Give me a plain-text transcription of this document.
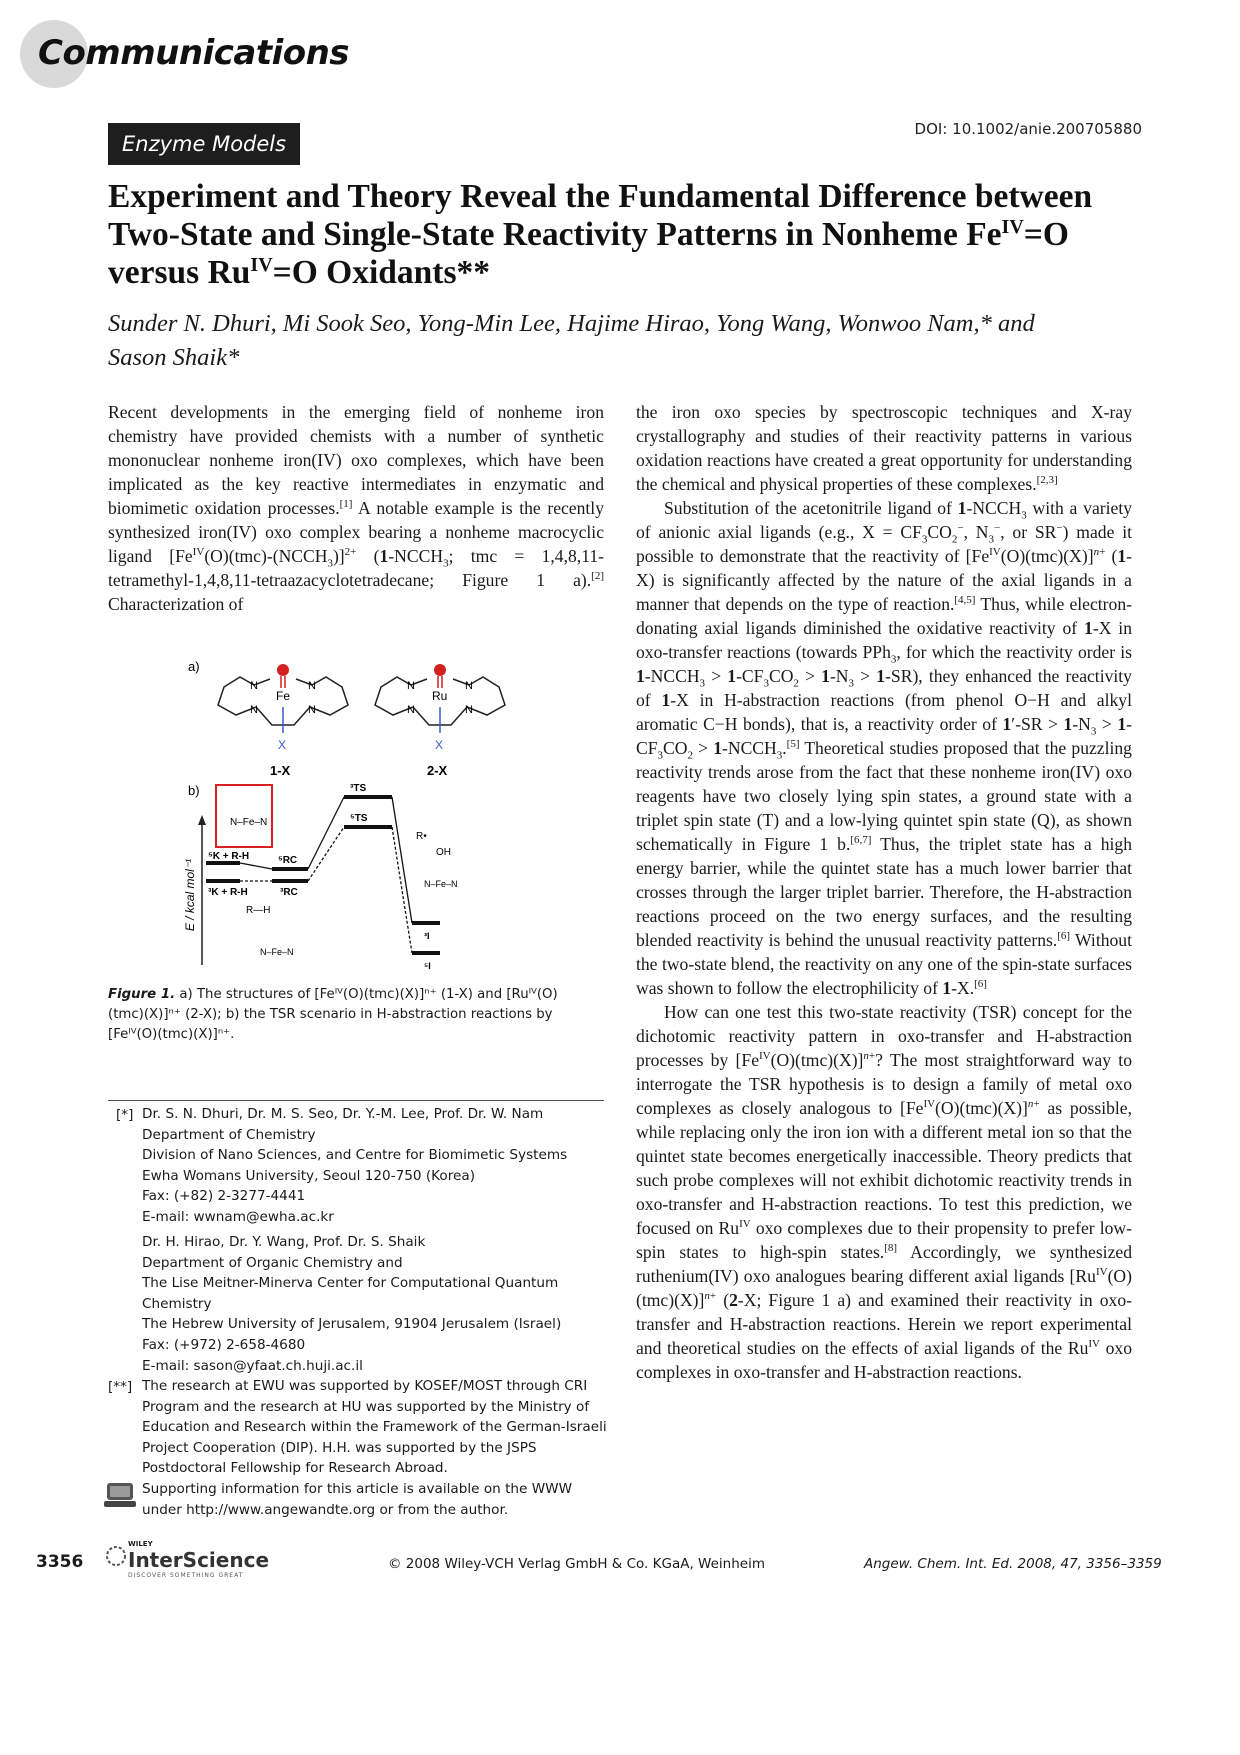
Communications
DOI: 10.1002/anie.200705880
Enzyme Models
Experiment and Theory Reveal the Fundamental Difference between
Two-State and Single-State Reactivity Patterns in Nonheme $Fe^{IV}=O$
versus $Ru^{IV}=O$ Oxidants**
Sunder N. Dhuri, Mi Sook Seo, Yong-Min Lee, Hajime Hirao, Yong Wang, Wonwoo Nam,* and
Sason Shaik*

Recent developments in the emerging field of nonheme iron chemistry have provided chemists with a number of synthetic mononuclear nonheme iron(IV) oxo complexes, which have been implicated as the key reactive intermediates in enzymatic and biomimetic oxidation processes.[1] A notable example is the recently synthesized iron(IV) oxo complex bearing a nonheme macrocyclic ligand $[Fe^{IV}(O)(tmc)-(NCCH_3)]^{2+}$ ($1-NCCH_3$; tmc = 1,4,8,11-tetramethyl-1,4,8,11-tetraazacyclotetradecane; Figure 1 a).[2] Characterization of

a)
Fe
N	N
N	N
X
1-X
Ru
N	N
N	N
X
2-X
b)
N–Fe–N
E / kcal mol⁻¹
⁵K + R-H
³K + R-H
⁵RC
³RC
³TS
⁵TS
R—H
N–Fe–N
R•
OH
N–Fe–N
³I
⁵I
Figure 1. a) The structures of [Feᴵⱽ(O)(tmc)(X)]ⁿ⁺ (1-X) and [Ruᴵⱽ(O)(tmc)(X)]ⁿ⁺ (2-X); b) the TSR scenario in H-abstraction reactions by [Feᴵⱽ(O)(tmc)(X)]ⁿ⁺.
[*] Dr. S. N. Dhuri, Dr. M. S. Seo, Dr. Y.-M. Lee, Prof. Dr. W. Nam
Department of Chemistry
Division of Nano Sciences, and Centre for Biomimetic Systems
Ewha Womans University, Seoul 120-750 (Korea)
Fax: (+82) 2-3277-4441
E-mail: wwnam@ewha.ac.kr
Dr. H. Hirao, Dr. Y. Wang, Prof. Dr. S. Shaik
Department of Organic Chemistry and
The Lise Meitner-Minerva Center for Computational Quantum
Chemistry
The Hebrew University of Jerusalem, 91904 Jerusalem (Israel)
Fax: (+972) 2-658-4680
E-mail: sason@yfaat.ch.huji.ac.il
[**] The research at EWU was supported by KOSEF/MOST through CRI
Program and the research at HU was supported by the Ministry of
Education and Research within the Framework of the German-Israeli
Project Cooperation (DIP). H.H. was supported by the JSPS
Postdoctoral Fellowship for Research Abroad.
Supporting information for this article is available on the WWW
under http://www.angewandte.org or from the author.

the iron oxo species by spectroscopic techniques and X-ray crystallography and studies of their reactivity patterns in various oxidation reactions have created a great opportunity for understanding the chemical and physical properties of these complexes.[2,3]

Substitution of the acetonitrile ligand of $1-NCCH_3$ with a variety of anionic axial ligands (e.g., $X = CF_3CO_2^-$, $N_3^-$, or SR−) made it possible to demonstrate that the reactivity of $[Fe^{IV}(O)(tmc)(X)]^{n+}$ (1-X) is significantly affected by the nature of the axial ligands in a manner that depends on the type of reaction.[4,5] Thus, while electron-donating axial ligands diminished the oxidative reactivity of 1-X in oxo-transfer reactions (towards PPh$_3$, for which the reactivity order is $1-NCCH_3 > 1-CF_3CO_2 > 1-N_3 > 1-SR$), they enhanced the reactivity of 1-X in H-abstraction reactions (from phenol O−H and alkyl aromatic C−H bonds), that is, a reactivity order of $1'-SR > 1-N_3 > 1-CF_3CO_2$ > $1-NCCH_3.[5]$ Theoretical studies proposed that the puzzling reactivity trends arose from the fact that these nonheme iron(IV) oxo reagents have two closely lying spin states, a ground state with a triplet spin state (T) and a low-lying quintet spin state (Q), as shown schematically in Figure 1 b.[6,7] Thus, the triplet state has a high energy barrier, while the quintet state has a much lower barrier that crosses through the larger triplet barrier. Therefore, the H-abstraction reactions proceed on the two energy surfaces, and the resulting blended reactivity is behind the unusual reactivity patterns.[6] Without the two-state blend, the reactivity on any one of the spin-state surfaces was shown to follow the electrophilicity of 1-X.[6]

How can one test this two-state reactivity (TSR) concept for the dichotomic reactivity pattern in oxo-transfer and H-abstraction processes by $[Fe^{IV}(O)(tmc)(X)]^{n+}$? The most straightforward way to interrogate the TSR hypothesis is to design a family of metal oxo complexes as closely analogous to $[Fe^{IV}(O)(tmc)(X)]^{n+}$ as possible, while replacing only the iron ion with a different metal ion so that the quintet state becomes energetically inaccessible. Theory predicts that such probe complexes will not exhibit dichotomic reactivity trends in oxo-transfer and H-abstraction reactions. To test this prediction, we focused on $Ru^{IV}$ oxo complexes due to their propensity to prefer low-spin states to high-spin states.[8] Accordingly, we synthesized ruthenium(IV) oxo analogues bearing different axial ligands $[Ru^{IV}(O)(tmc)(X)]^{n+}$ (2-X; Figure 1 a) and examined their reactivity in oxo-transfer and H-abstraction reactions. Herein we report experimental and theoretical studies on the effects of axial ligands of the $Ru^{IV}$ oxo complexes in oxo-transfer and H-abstraction reactions.

3356
WILEY
InterScience
DISCOVER SOMETHING GREAT
© 2008 Wiley-VCH Verlag GmbH & Co. KGaA, Weinheim	Angew. Chem. Int. Ed. 2008, 47, 3356–3359
